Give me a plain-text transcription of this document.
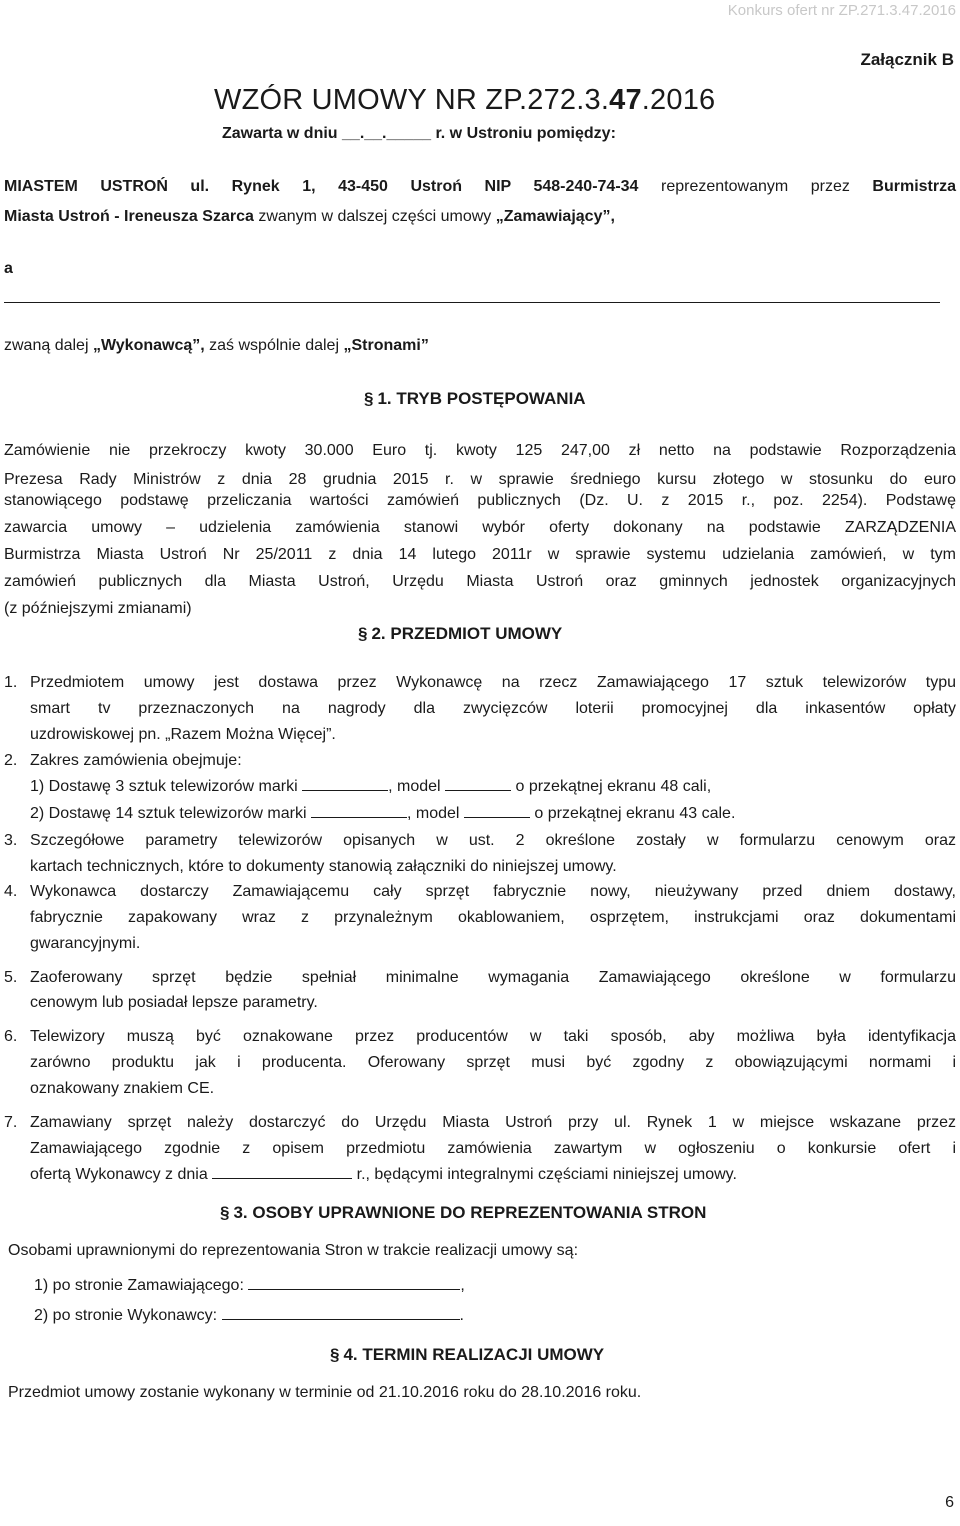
Konkurs ofert nr ZP.271.3.47.2016
Załącznik B
WZÓR UMOWY NR ZP.272.3.47.2016
Zawarta w dniu __.__._____ r. w Ustroniu pomiędzy:
MIASTEM USTROŃ ul. Rynek 1, 43-450 Ustroń NIP 548-240-74-34 reprezentowanym przez Burmistrza
Miasta Ustroń - Ireneusza Szarca zwanym w dalszej części umowy „Zamawiający”,
a
zwaną dalej „Wykonawcą”, zaś wspólnie dalej „Stronami”
§ 1. TRYB POSTĘPOWANIA
Zamówienie nie przekroczy kwoty 30.000 Euro tj. kwoty 125 247,00 zł netto na podstawie Rozporządzenia
Prezesa Rady Ministrów z dnia 28 grudnia 2015 r. w sprawie średniego kursu złotego w stosunku do euro
stanowiącego podstawę przeliczania wartości zamówień publicznych (Dz. U. z 2015 r., poz. 2254). Podstawę
zawarcia umowy – udzielenia zamówienia stanowi wybór oferty dokonany na podstawie ZARZĄDZENIA
Burmistrza Miasta Ustroń Nr 25/2011 z dnia 14 lutego 2011r w sprawie systemu udzielania zamówień, w tym
zamówień publicznych dla Miasta Ustroń, Urzędu Miasta Ustroń oraz gminnych jednostek organizacyjnych
(z późniejszymi zmianami)
§ 2. PRZEDMIOT UMOWY
1. Przedmiotem umowy jest dostawa przez Wykonawcę na rzecz Zamawiającego 17 sztuk telewizorów typu
smart tv przeznaczonych na nagrody dla zwycięzców loterii promocyjnej dla inkasentów opłaty
uzdrowiskowej pn. „Razem Można Więcej”.
2. Zakres zamówienia obejmuje:
1) Dostawę 3 sztuk telewizorów marki	, model	o przekątnej ekranu 48 cali,
2) Dostawę 14 sztuk telewizorów marki	, model	o przekątnej ekranu 43 cale.
3. Szczegółowe parametry telewizorów opisanych w ust. 2 określone zostały w formularzu cenowym oraz
kartach technicznych, które to dokumenty stanowią załączniki do niniejszej umowy.
4. Wykonawca dostarczy Zamawiającemu cały sprzęt fabrycznie nowy, nieużywany przed dniem dostawy,
fabrycznie zapakowany wraz z przynależnym okablowaniem, osprzętem, instrukcjami oraz dokumentami
gwarancyjnymi.
5. Zaoferowany sprzęt będzie spełniał minimalne wymagania Zamawiającego określone w formularzu
cenowym lub posiadał lepsze parametry.
6. Telewizory muszą być oznakowane przez producentów w taki sposób, aby możliwa była identyfikacja
zarówno produktu jak i producenta. Oferowany sprzęt musi być zgodny z obowiązującymi normami i
oznakowany znakiem CE.
7. Zamawiany sprzęt należy dostarczyć do Urzędu Miasta Ustroń przy ul. Rynek 1 w miejsce wskazane przez
Zamawiającego zgodnie z opisem przedmiotu zamówienia zawartym w ogłoszeniu o konkursie ofert i
ofertą Wykonawcy z dnia	r., będącymi integralnymi częściami niniejszej umowy.
§ 3. OSOBY UPRAWNIONE DO REPREZENTOWANIA STRON
Osobami uprawnionymi do reprezentowania Stron w trakcie realizacji umowy są:
1) po stronie Zamawiającego:	,
2) po stronie Wykonawcy:	.
§ 4. TERMIN REALIZACJI UMOWY
Przedmiot umowy zostanie wykonany w terminie od 21.10.2016 roku do 28.10.2016 roku.
6
